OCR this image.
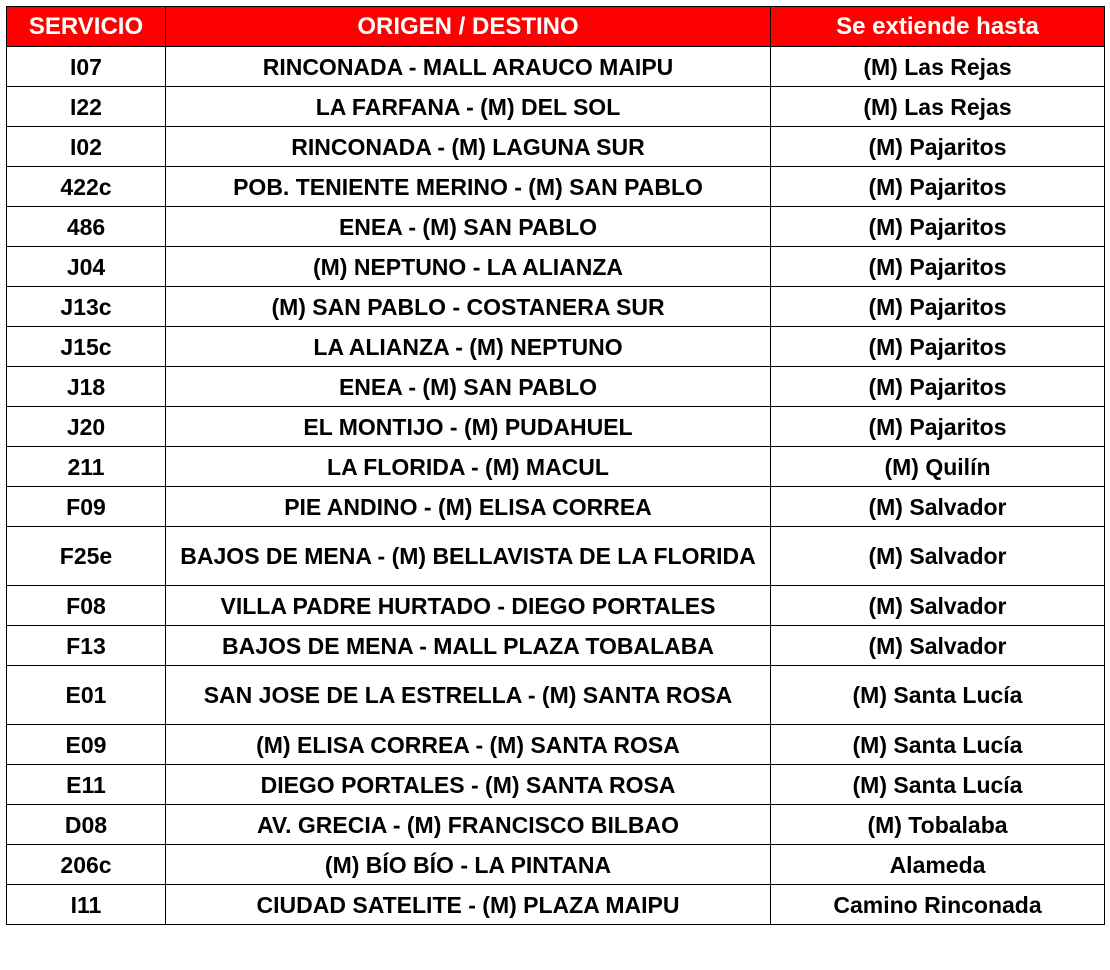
SERVICIO	ORIGEN / DESTINO	Se extiende hasta
I07	RINCONADA - MALL ARAUCO MAIPU	(M) Las Rejas
I22	LA FARFANA - (M) DEL SOL	(M) Las Rejas
I02	RINCONADA - (M) LAGUNA SUR	(M) Pajaritos
422c	POB. TENIENTE MERINO - (M) SAN PABLO	(M) Pajaritos
486	ENEA - (M) SAN PABLO	(M) Pajaritos
J04	(M) NEPTUNO - LA ALIANZA	(M) Pajaritos
J13c	(M) SAN PABLO - COSTANERA SUR	(M) Pajaritos
J15c	LA ALIANZA - (M) NEPTUNO	(M) Pajaritos
J18	ENEA - (M) SAN PABLO	(M) Pajaritos
J20	EL MONTIJO - (M) PUDAHUEL	(M) Pajaritos
211	LA FLORIDA - (M) MACUL	(M) Quilín
F09	PIE ANDINO - (M) ELISA CORREA	(M) Salvador
F25e	BAJOS DE MENA - (M) BELLAVISTA DE LA FLORIDA	(M) Salvador
F08	VILLA PADRE HURTADO - DIEGO PORTALES	(M) Salvador
F13	BAJOS DE MENA - MALL PLAZA TOBALABA	(M) Salvador
E01	SAN JOSE DE LA ESTRELLA - (M) SANTA ROSA	(M) Santa Lucía
E09	(M) ELISA CORREA - (M) SANTA ROSA	(M) Santa Lucía
E11	DIEGO PORTALES - (M) SANTA ROSA	(M) Santa Lucía
D08	AV. GRECIA - (M) FRANCISCO BILBAO	(M) Tobalaba
206c	(M) BÍO BÍO - LA PINTANA	Alameda
I11	CIUDAD SATELITE - (M) PLAZA MAIPU	Camino Rinconada
